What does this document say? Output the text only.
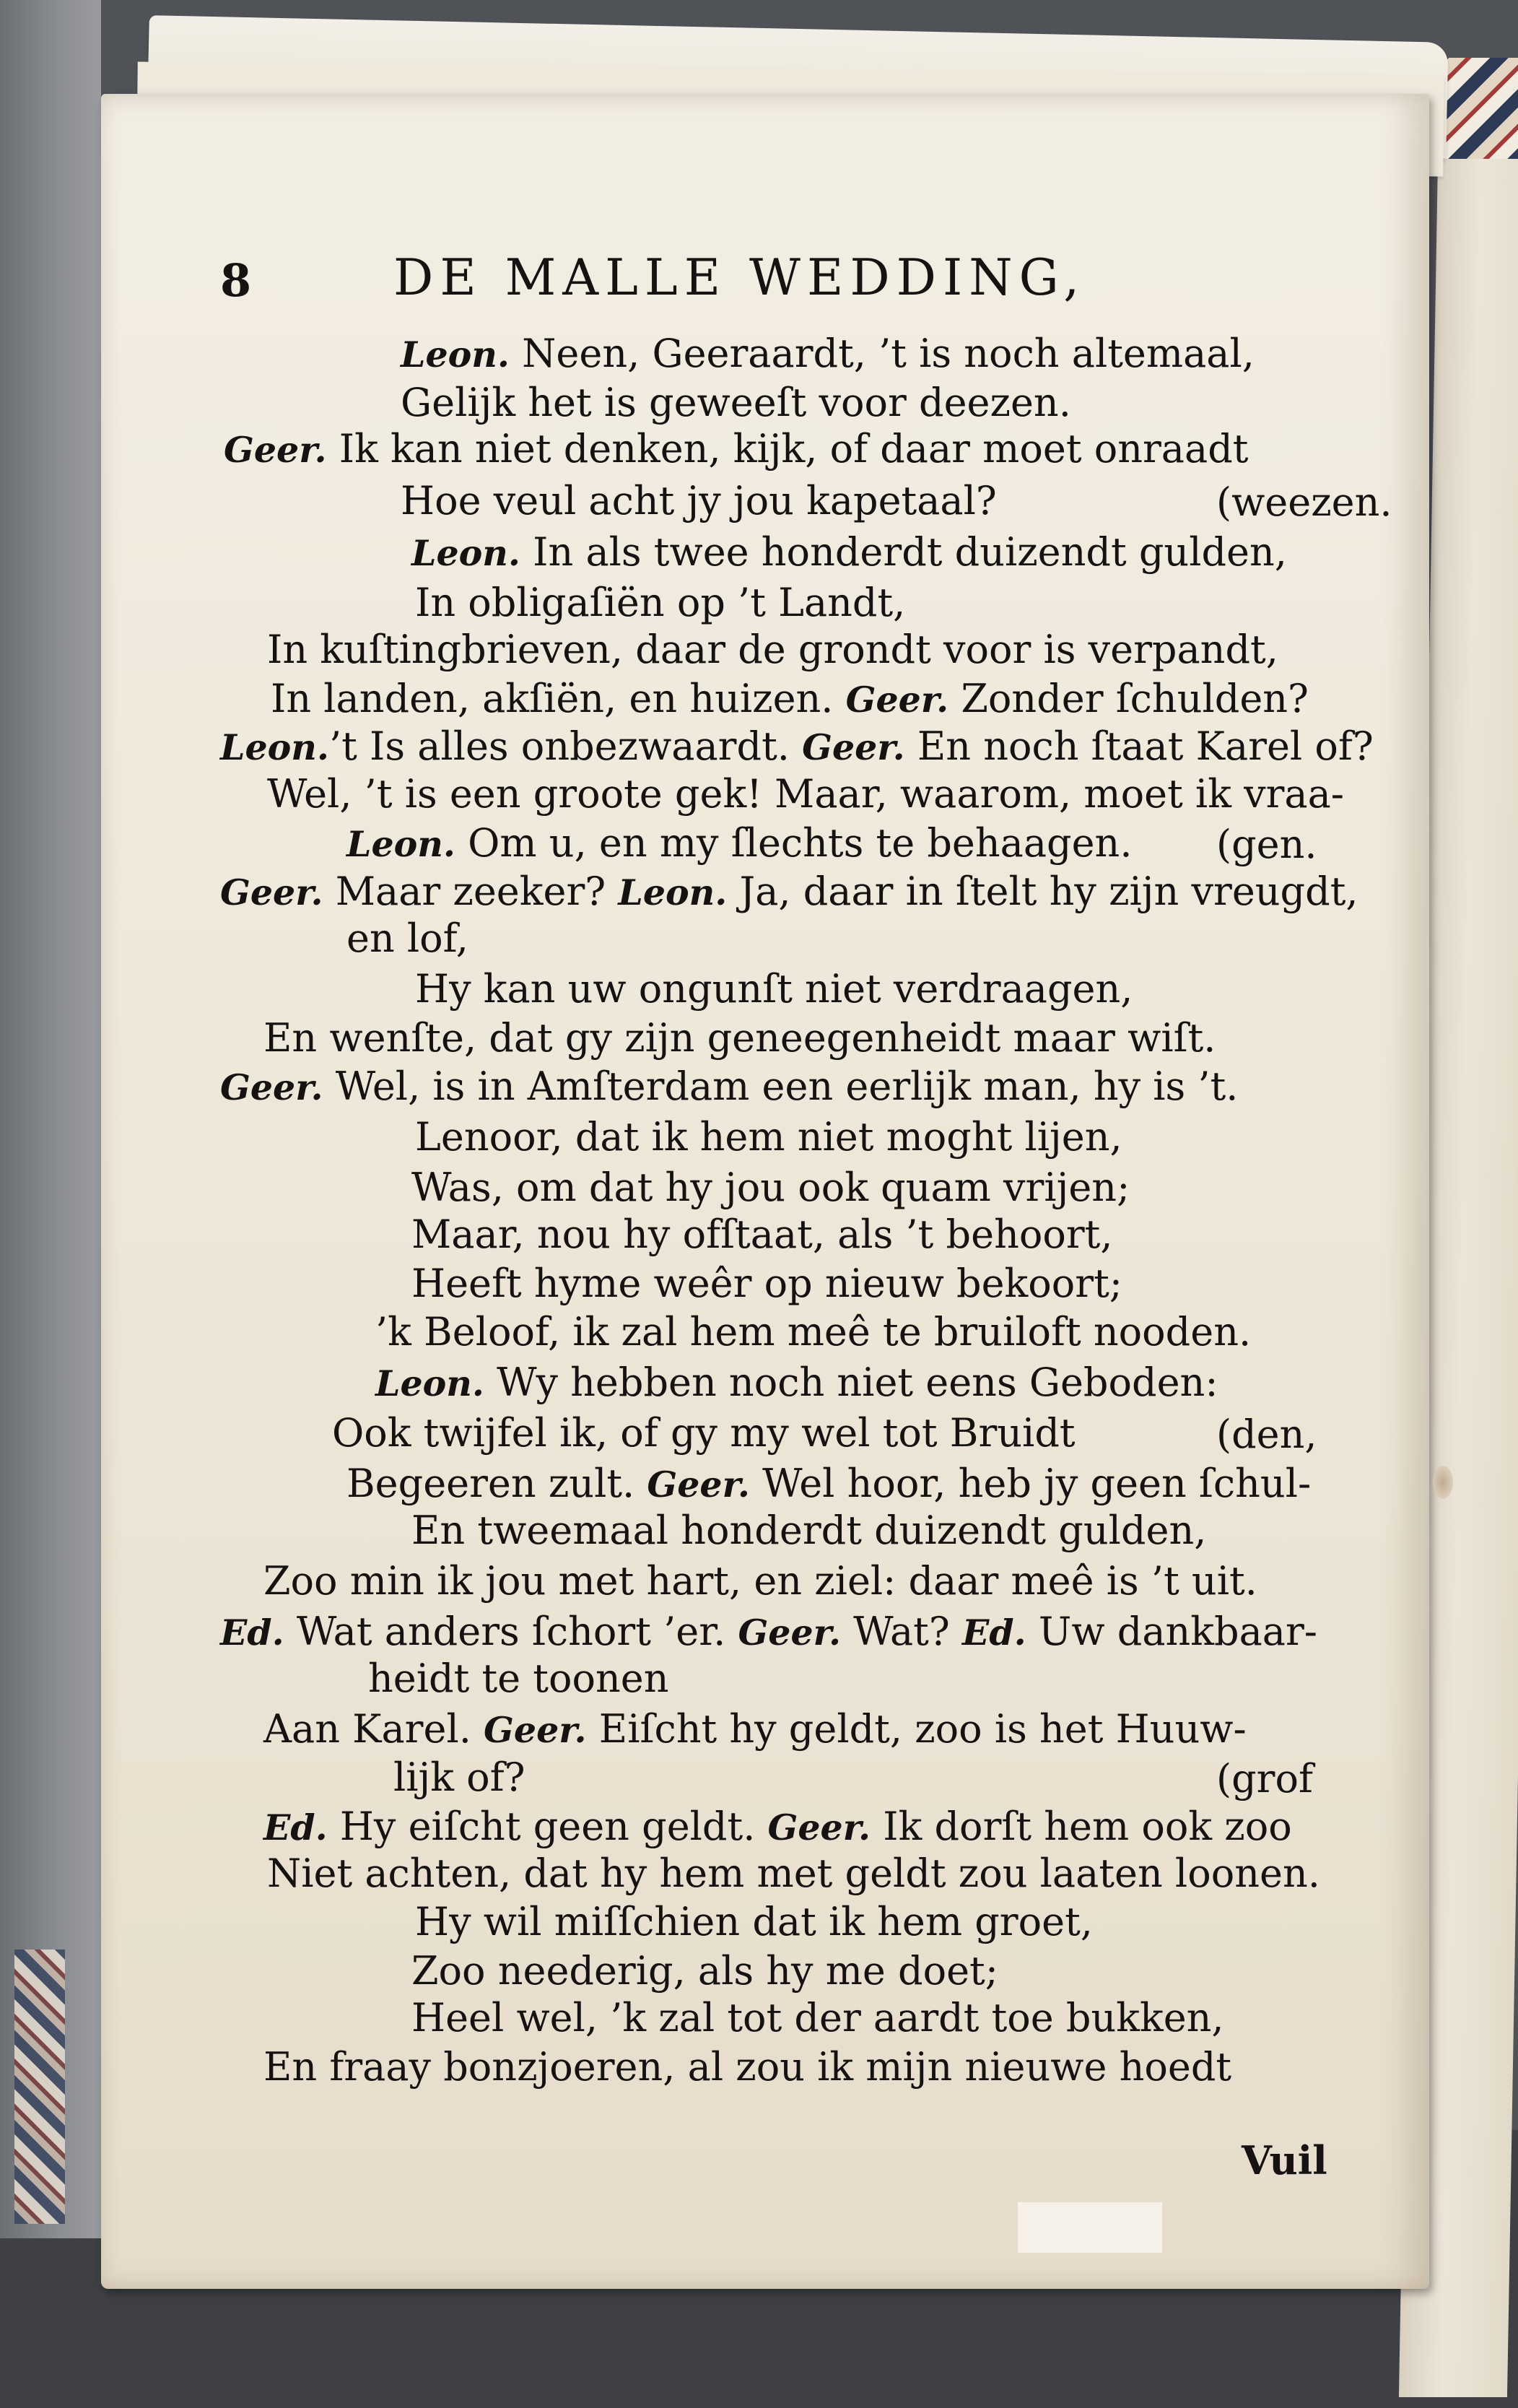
8	DE MALLE WEDDING,
Leon. Neen, Geeraardt, ’t is noch altemaal,
Gelijk het is geweeſt voor deezen.
Geer. Ik kan niet denken, kijk, of daar moet onraadt
Hoe veul acht jy jou kapetaal?	(weezen.
Leon. In als twee honderdt duizendt gulden,
In obligaſiën op ’t Landt,
In kuſtingbrieven, daar de grondt voor is verpandt,
In landen, akſiën, en huizen. Geer. Zonder ſchulden?
Leon.’t Is alles onbezwaardt. Geer. En noch ſtaat Karel of?
Wel, ’t is een groote gek! Maar, waarom, moet ik vraa-
Leon. Om u, en my ſlechts te behaagen. (gen.
Geer. Maar zeeker? Leon. Ja, daar in ſtelt hy zijn vreugdt,
en lof,
Hy kan uw ongunſt niet verdraagen,
En wenſte, dat gy zijn geneegenheidt maar wiſt.
Geer. Wel, is in Amſterdam een eerlijk man, hy is ’t.
Lenoor, dat ik hem niet moght lijen,
Was, om dat hy jou ook quam vrijen;
Maar, nou hy ofſtaat, als ’t behoort,
Heeft hyme weêr op nieuw bekoort;
’k Beloof, ik zal hem meê te bruiloft nooden.
Leon. Wy hebben noch niet eens Geboden:
Ook twijfel ik, of gy my wel tot Bruidt	(den,
Begeeren zult. Geer. Wel hoor, heb jy geen ſchul-
En tweemaal honderdt duizendt gulden,
Zoo min ik jou met hart, en ziel: daar meê is ’t uit.
Ed. Wat anders ſchort ’er. Geer. Wat? Ed. Uw dankbaar-
heidt te toonen
Aan Karel. Geer. Eiſcht hy geldt, zoo is het Huuw-
lijk of?	(grof
Ed. Hy eiſcht geen geldt. Geer. Ik dorſt hem ook zoo
Niet achten, dat hy hem met geldt zou laaten loonen.
Hy wil miſſchien dat ik hem groet,
Zoo neederig, als hy me doet;
Heel wel, ’k zal tot der aardt toe bukken,
En fraay bonzjoeren, al zou ik mijn nieuwe hoedt
Vuil
